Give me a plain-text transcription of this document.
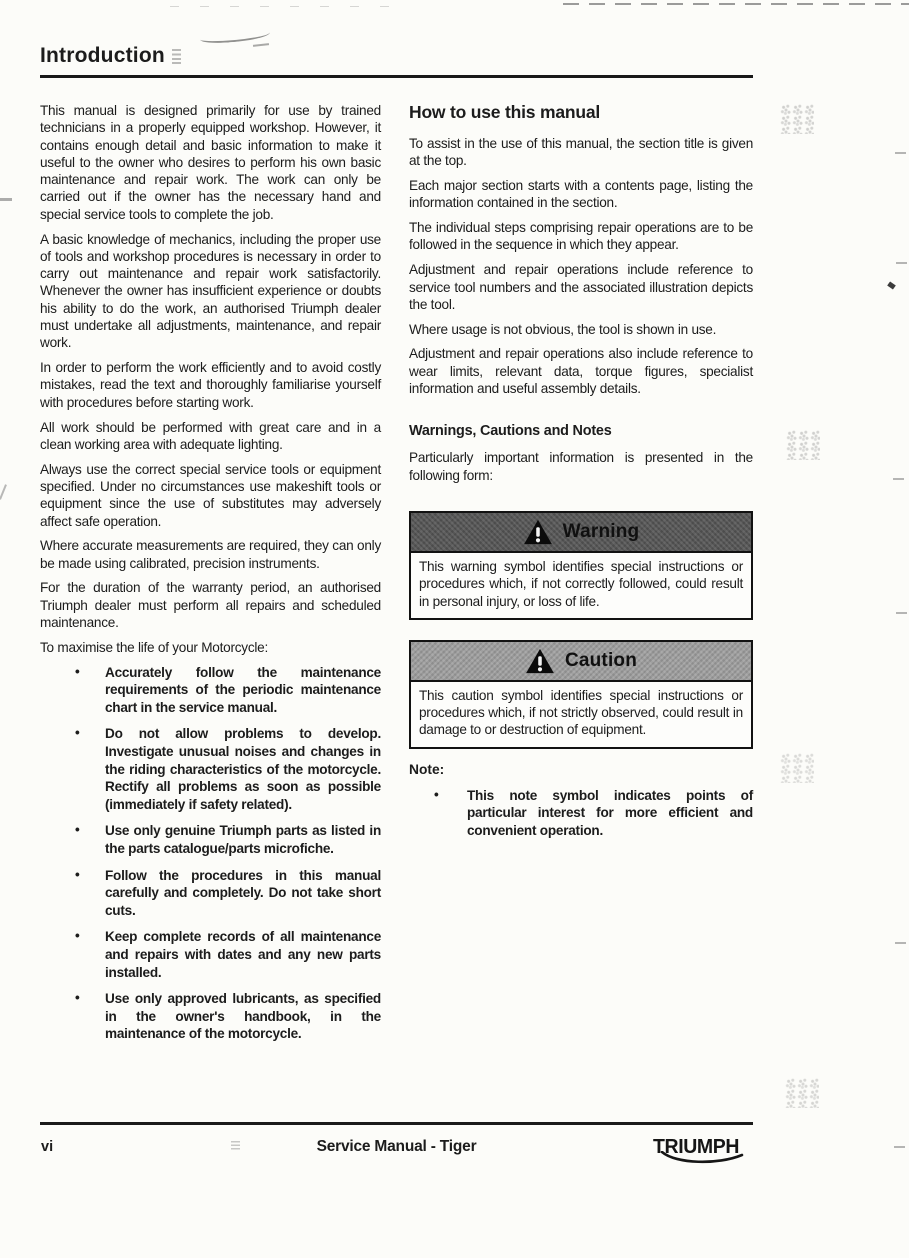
Introduction

This manual is designed primarily for use by trained technicians in a properly equipped workshop. However, it contains enough detail and basic information to make it useful to the owner who desires to perform his own basic maintenance and repair work. The work can only be carried out if the owner has the necessary hand and special service tools to complete the job.

A basic knowledge of mechanics, including the proper use of tools and workshop procedures is necessary in order to carry out maintenance and repair work satisfactorily. Whenever the owner has insufficient experience or doubts his ability to do the work, an authorised Triumph dealer must undertake all adjustments, maintenance, and repair work.

In order to perform the work efficiently and to avoid costly mistakes, read the text and thoroughly familiarise yourself with procedures before starting work.

All work should be performed with great care and in a clean working area with adequate lighting.

Always use the correct special service tools or equipment specified. Under no circumstances use makeshift tools or equipment since the use of substitutes may adversely affect safe operation.

Where accurate measurements are required, they can only be made using calibrated, precision instruments.

For the duration of the warranty period, an authorised Triumph dealer must perform all repairs and scheduled maintenance.

To maximise the life of your Motorcycle:

• Accurately follow the maintenance requirements of the periodic maintenance chart in the service manual.
• Do not allow problems to develop. Investigate unusual noises and changes in the riding characteristics of the motorcycle. Rectify all problems as soon as possible (immediately if safety related).
• Use only genuine Triumph parts as listed in the parts catalogue/parts microfiche.
• Follow the procedures in this manual carefully and completely. Do not take short cuts.
• Keep complete records of all maintenance and repairs with dates and any new parts installed.
• Use only approved lubricants, as specified in the owner's handbook, in the maintenance of the motorcycle.
How to use this manual

To assist in the use of this manual, the section title is given at the top.

Each major section starts with a contents page, listing the information contained in the section.

The individual steps comprising repair operations are to be followed in the sequence in which they appear.

Adjustment and repair operations include reference to service tool numbers and the associated illustration depicts the tool.

Where usage is not obvious, the tool is shown in use.

Adjustment and repair operations also include reference to wear limits, relevant data, torque figures, specialist information and useful assembly details.

Warnings, Cautions and Notes

Particularly important information is presented in the following form:

Warning
This warning symbol identifies special instructions or procedures which, if not correctly followed, could result in personal injury, or loss of life.
Caution
This caution symbol identifies special instructions or procedures which, if not strictly observed, could result in damage to or destruction of equipment.
Note:
• This note symbol indicates points of particular interest for more efficient and convenient operation.
vi	Service Manual - Tiger	TRIUMPH
